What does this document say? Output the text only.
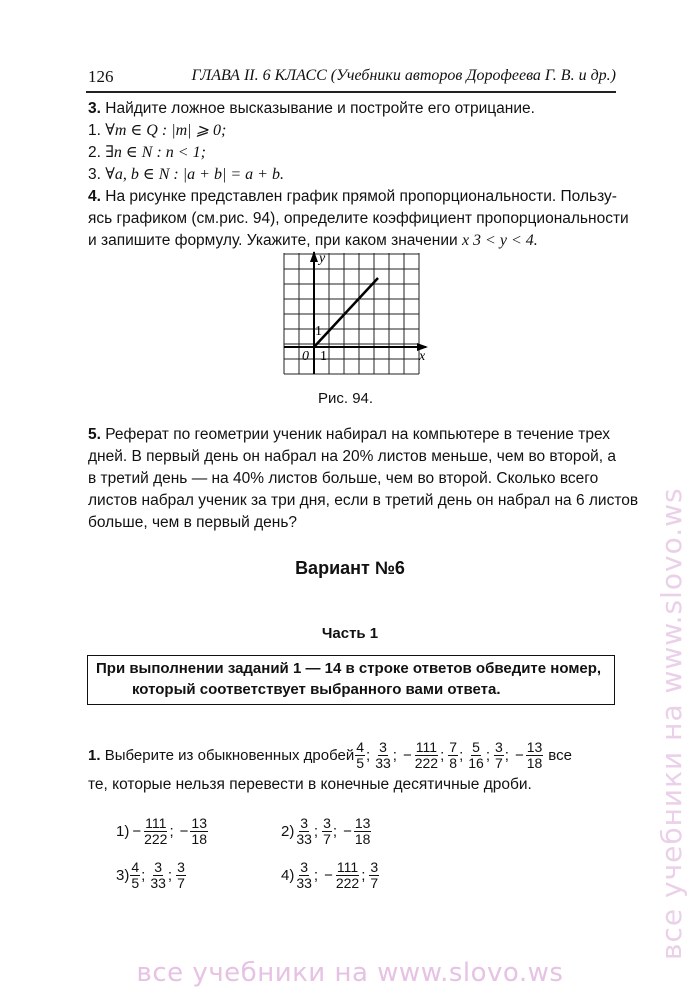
126	ГЛАВА II. 6 КЛАСС (Учебники авторов Дорофеева Г. В. и др.)
3. Найдите ложное высказывание и постройте его отрицание.
1. ∀m ∈ Q : |m| ⩾ 0;
2. ∃n ∈ N : n < 1;
3. ∀a, b ∈ N : |a + b| = a + b.
4. На рисунке представлен график прямой пропорциональности. Пользу-
ясь графиком (см.рис. 94), определите коэффициент пропорциональности
и запишите формулу. Укажите, при каком значении x 3 < y < 4.
y
x
0 1
1
Рис. 94.
5. Реферат по геометрии ученик набирал на компьютере в течение трех
дней. В первый день он набрал на 20% листов меньше, чем во второй, а
в третий день — на 40% листов больше, чем во второй. Сколько всего
листов набрал ученик за три дня, если в третий день он набрал на 6 листов
больше, чем в первый день?
Вариант №6
Часть 1
При выполнении заданий 1 — 14 в строке ответов обведите номер,
который соответствует выбранного вами ответа.
1.
Выберите из обыкновенных дробей $\frac{4}{5}$ ; $\frac{3}{33}$ ; − $\frac{111}{222}$ ; $\frac{7}{8}$ ; $\frac{5}{16}$ ; $\frac{3}{7}$ ; − $\frac{13}{18}$ все
те, которые нельзя перевести в конечные десятичные дроби.
$1) - \frac{111}{222}$ ; − $\frac{13}{18}$	$2) \frac{3}{33}$ ; $\frac{3}{7}$ ; − $\frac{13}{18}$
$3) \frac{4}{5}$ ; $\frac{3}{33}$ ; $\frac{3}{7}$	$4) \frac{3}{33}$ ; − $\frac{111}{222}$ ; $\frac{3}{7}$	все учебники на www.slovo.ws
все учебники на www.slovo.ws
